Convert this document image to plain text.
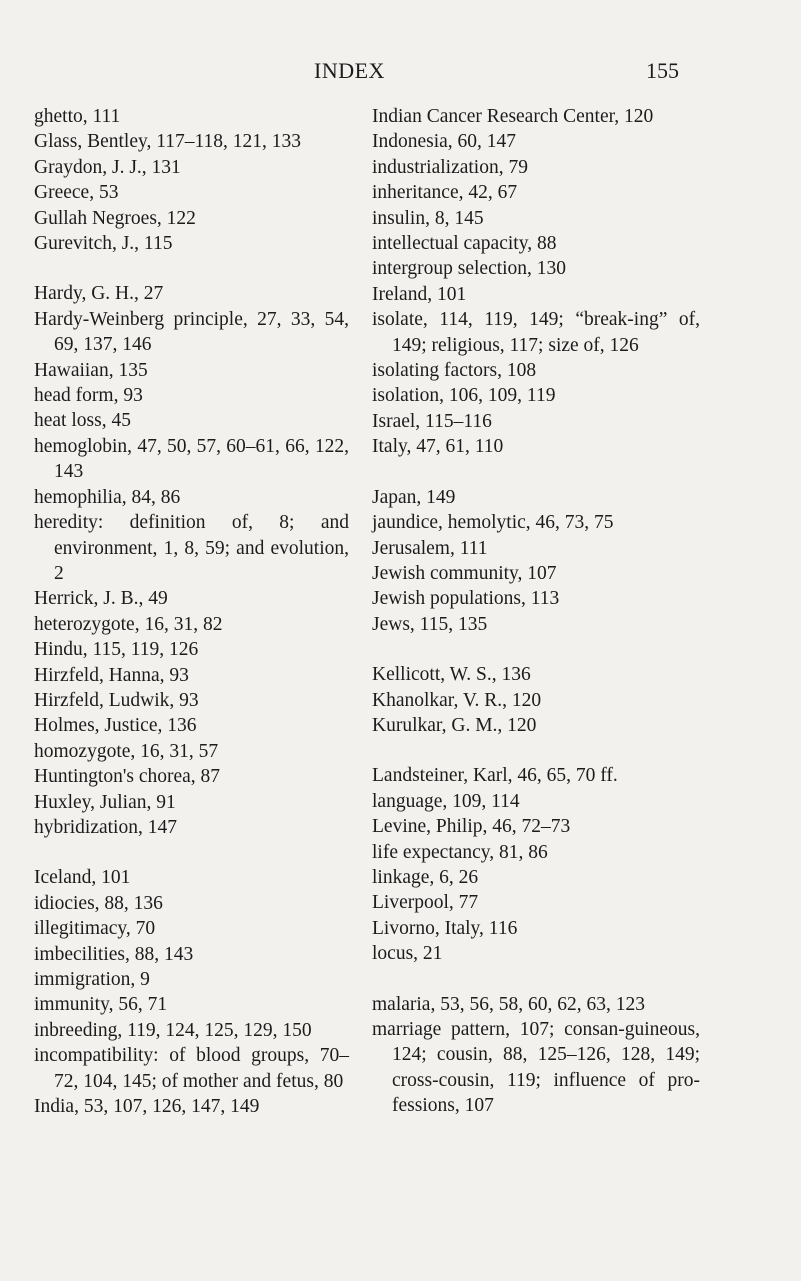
INDEX	155
ghetto, 111
Glass, Bentley, 117–118, 121, 133
Graydon, J. J., 131
Greece, 53
Gullah Negroes, 122
Gurevitch, J., 115
Hardy, G. H., 27
Hardy-Weinberg principle, 27, 33, 54, 69, 137, 146
Hawaiian, 135
head form, 93
heat loss, 45
hemoglobin, 47, 50, 57, 60–61, 66, 122, 143
hemophilia, 84, 86
heredity: definition of, 8; and environment, 1, 8, 59; and evolution, 2
Herrick, J. B., 49
heterozygote, 16, 31, 82
Hindu, 115, 119, 126
Hirzfeld, Hanna, 93
Hirzfeld, Ludwik, 93
Holmes, Justice, 136
homozygote, 16, 31, 57
Huntington's chorea, 87
Huxley, Julian, 91
hybridization, 147
Iceland, 101
idiocies, 88, 136
illegitimacy, 70
imbecilities, 88, 143
immigration, 9
immunity, 56, 71
inbreeding, 119, 124, 125, 129, 150
incompatibility: of blood groups, 70–72, 104, 145; of mother and fetus, 80
India, 53, 107, 126, 147, 149
Indian Cancer Research Center, 120
Indonesia, 60, 147
industrialization, 79
inheritance, 42, 67
insulin, 8, 145
intellectual capacity, 88
intergroup selection, 130
Ireland, 101
isolate, 114, 119, 149; “break-ing” of, 149; religious, 117; size of, 126
isolating factors, 108
isolation, 106, 109, 119
Israel, 115–116
Italy, 47, 61, 110
Japan, 149
jaundice, hemolytic, 46, 73, 75
Jerusalem, 111
Jewish community, 107
Jewish populations, 113
Jews, 115, 135
Kellicott, W. S., 136
Khanolkar, V. R., 120
Kurulkar, G. M., 120
Landsteiner, Karl, 46, 65, 70 ff.
language, 109, 114
Levine, Philip, 46, 72–73
life expectancy, 81, 86
linkage, 6, 26
Liverpool, 77
Livorno, Italy, 116
locus, 21
malaria, 53, 56, 58, 60, 62, 63, 123
marriage pattern, 107; consan-guineous, 124; cousin, 88, 125–126, 128, 149; cross-cousin, 119; influence of pro-fessions, 107
